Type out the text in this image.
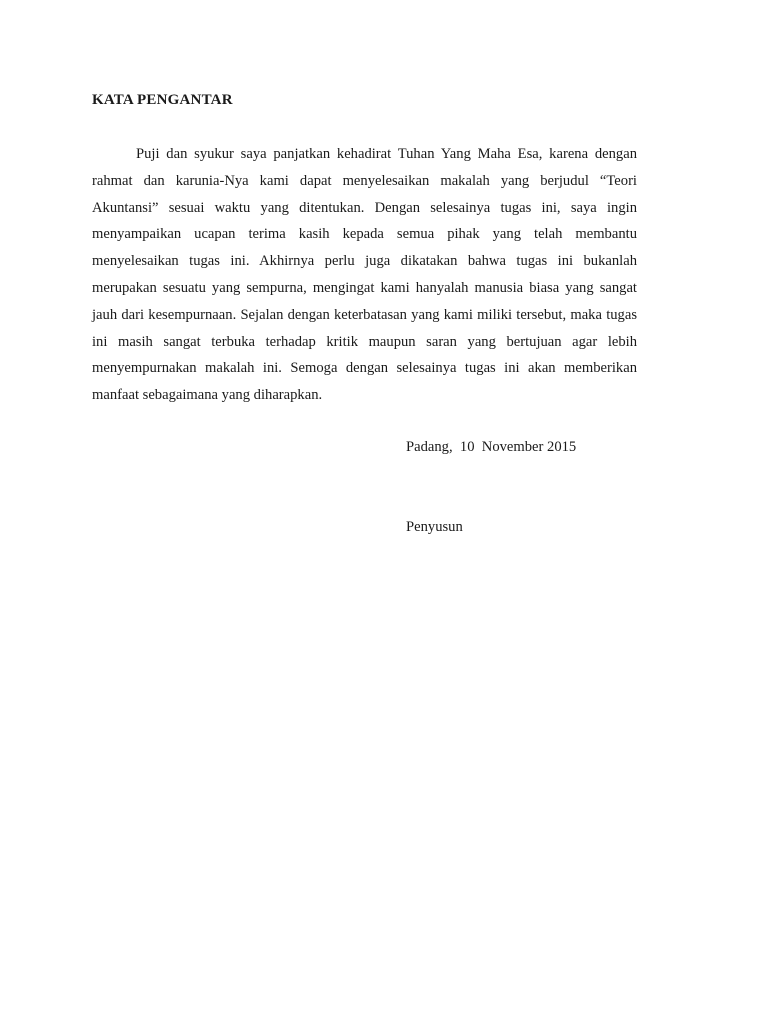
KATA PENGANTAR

Puji dan syukur saya panjatkan kehadirat Tuhan Yang Maha Esa, karena dengan rahmat dan karunia-Nya kami dapat menyelesaikan makalah yang berjudul “Teori Akuntansi” sesuai waktu yang ditentukan. Dengan selesainya tugas ini, saya ingin menyampaikan ucapan terima kasih kepada semua pihak yang telah membantu menyelesaikan tugas ini. Akhirnya perlu juga dikatakan bahwa tugas ini bukanlah merupakan sesuatu yang sempurna, mengingat kami hanyalah manusia biasa yang sangat jauh dari kesempurnaan. Sejalan dengan keterbatasan yang kami miliki tersebut, maka tugas ini masih sangat terbuka terhadap kritik maupun saran yang bertujuan agar lebih menyempurnakan makalah ini. Semoga dengan selesainya tugas ini akan memberikan manfaat sebagaimana yang diharapkan.

Padang,  10  November 2015

Penyusun
